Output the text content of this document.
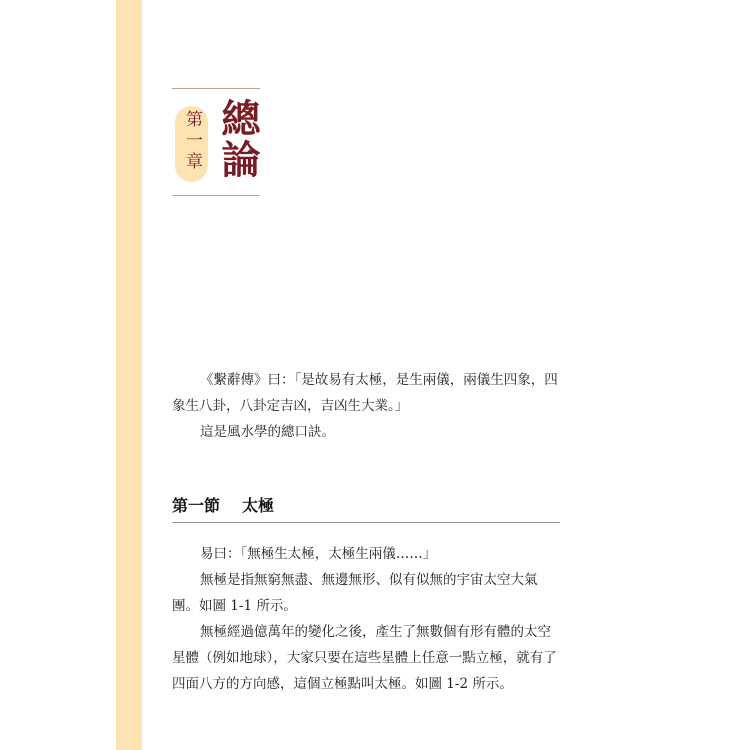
第一章 總論

《繫辭傳》曰：「是故易有太極，是生兩儀，兩儀生四象，四象生八卦，八卦定吉凶，吉凶生大業。」

這是風水學的總口訣。

第一節 太極

易曰：「無極生太極，太極生兩儀……」

無極是指無窮無盡、無邊無形、似有似無的宇宙太空大氣團。如圖 1-1 所示。

無極經過億萬年的變化之後，產生了無數個有形有體的太空星體（例如地球），大家只要在這些星體上任意一點立極，就有了四面八方的方向感，這個立極點叫太極。如圖 1-2 所示。
